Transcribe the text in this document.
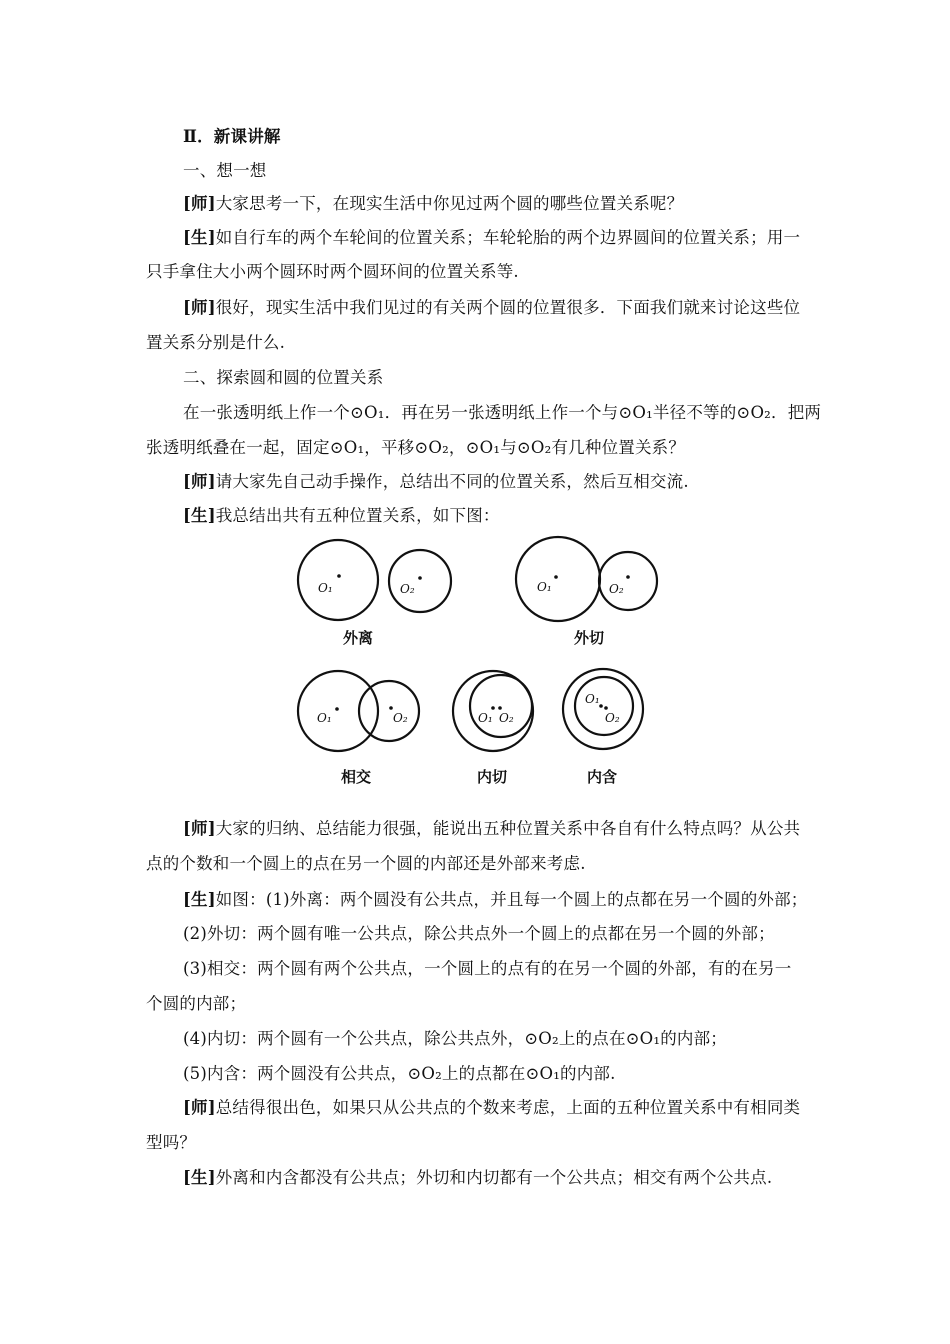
Ⅱ．新课讲解
一、想一想
[师]大家思考一下，在现实生活中你见过两个圆的哪些位置关系呢？
[生]如自行车的两个车轮间的位置关系；车轮轮胎的两个边界圆间的位置关系；用一
只手拿住大小两个圆环时两个圆环间的位置关系等.
[师]很好，现实生活中我们见过的有关两个圆的位置很多．下面我们就来讨论这些位
置关系分别是什么.
二、探索圆和圆的位置关系
在一张透明纸上作一个⊙O₁．再在另一张透明纸上作一个与⊙O₁半径不等的⊙O₂．把两
张透明纸叠在一起，固定⊙O₁，平移⊙O₂，⊙O₁与⊙O₂有几种位置关系？
[师]请大家先自己动手操作，总结出不同的位置关系，然后互相交流.
[生]我总结出共有五种位置关系，如下图：
O₁	O₂	O₁	O₂
O₁	O₂	O₁ O₂
O₁
O₂
外离	外切
相交	内切	内含
[师]大家的归纳、总结能力很强，能说出五种位置关系中各自有什么特点吗？从公共
点的个数和一个圆上的点在另一个圆的内部还是外部来考虑.
[生]如图：(1)外离：两个圆没有公共点，并且每一个圆上的点都在另一个圆的外部；
(2)外切：两个圆有唯一公共点，除公共点外一个圆上的点都在另一个圆的外部；
(3)相交：两个圆有两个公共点，一个圆上的点有的在另一个圆的外部，有的在另一
个圆的内部；
(4)内切：两个圆有一个公共点，除公共点外，⊙O₂上的点在⊙O₁的内部；
(5)内含：两个圆没有公共点，⊙O₂上的点都在⊙O₁的内部.
[师]总结得很出色，如果只从公共点的个数来考虑，上面的五种位置关系中有相同类
型吗？
[生]外离和内含都没有公共点；外切和内切都有一个公共点；相交有两个公共点.
